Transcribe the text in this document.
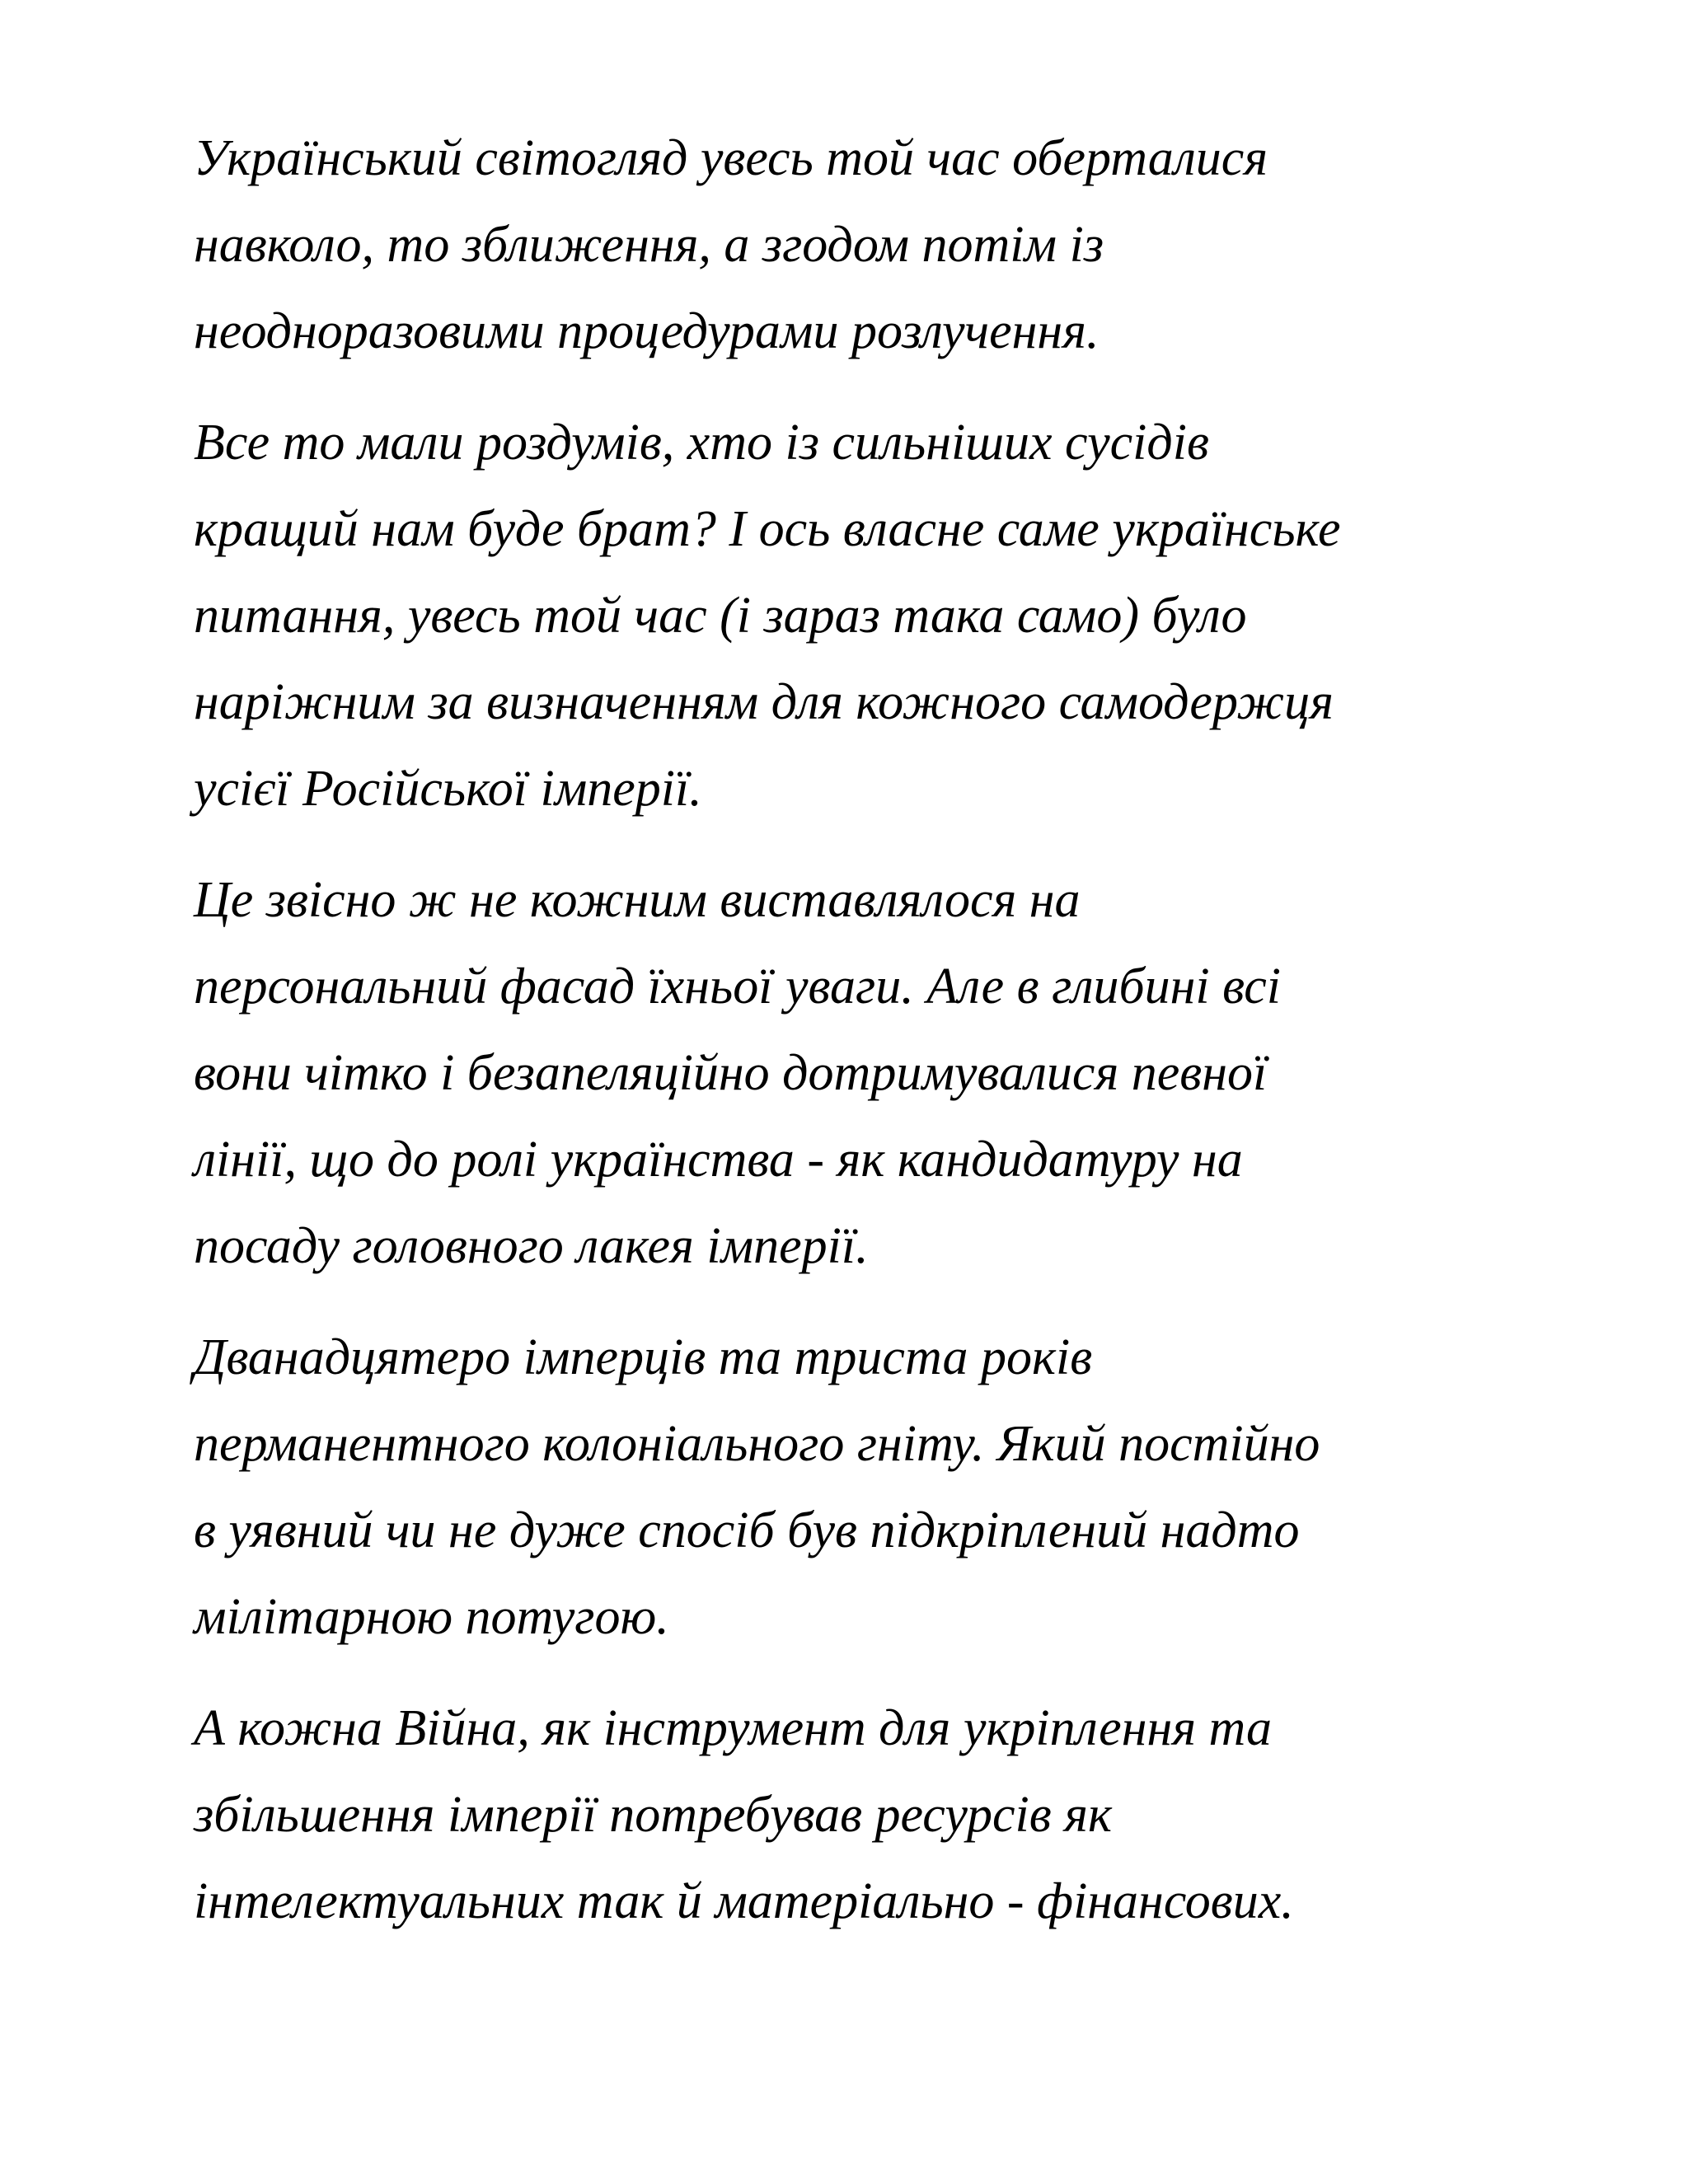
Український світогляд увесь той час оберталися
навколо, то зближення, а згодом потім із
неодноразовими процедурами розлучення.

Все то мали роздумів, хто із сильніших сусідів
кращий нам буде брат? І ось власне саме українське
питання, увесь той час (і зараз така само) було
наріжним за визначенням для кожного самодержця
усієї Російської імперії.

Це звісно ж не кожним виставлялося на
персональний фасад їхньої уваги. Але в глибині всі
вони чітко і безапеляційно дотримувалися певної
лінії, що до ролі українства - як кандидатуру на
посаду головного лакея імперії.

Дванадцятеро імперців та триста років
перманентного колоніального гніту. Який постійно
в уявний чи не дуже спосіб був підкріплений надто
мілітарною потугою.

А кожна Війна, як інструмент для укріплення та
збільшення імперії потребував ресурсів як
інтелектуальних так й матеріально - фінансових.
